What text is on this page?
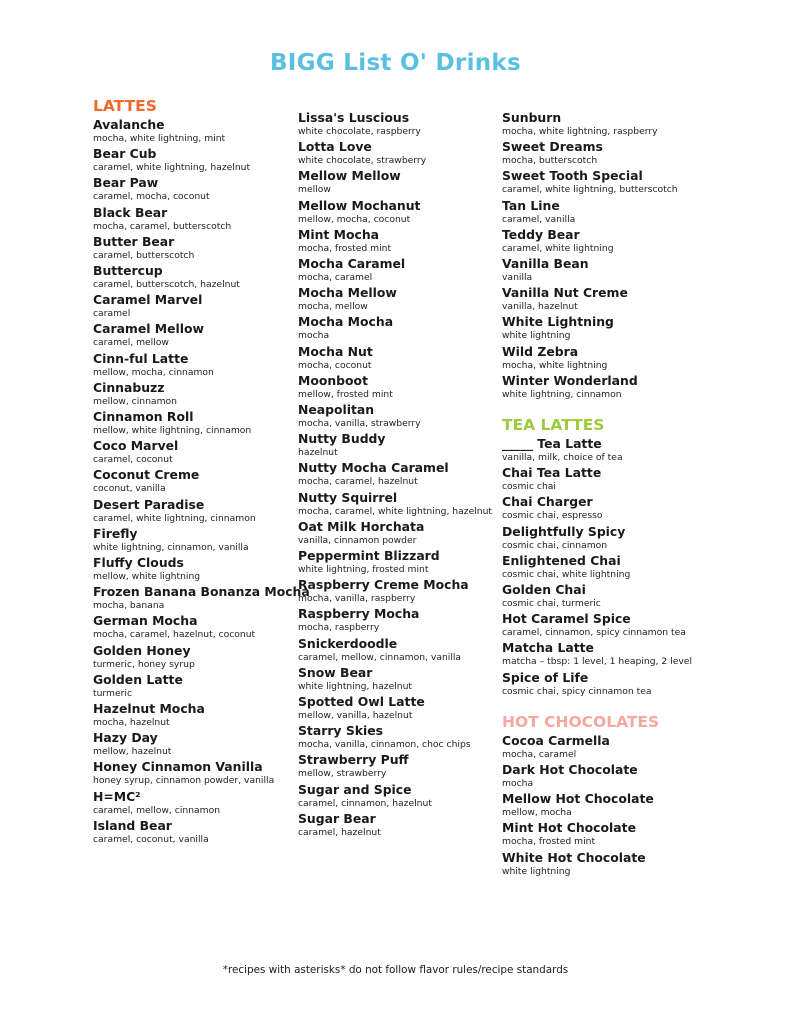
BIGG List O' Drinks
LATTES
Avalanche
mocha, white lightning, mint
Bear Cub
caramel, white lightning, hazelnut
Bear Paw
caramel, mocha, coconut
Black Bear
mocha, caramel, butterscotch
Butter Bear
caramel, butterscotch
Buttercup
caramel, butterscotch, hazelnut
Caramel Marvel
caramel
Caramel Mellow
caramel, mellow
Cinn-ful Latte
mellow, mocha, cinnamon
Cinnabuzz
mellow, cinnamon
Cinnamon Roll
mellow, white lightning, cinnamon
Coco Marvel
caramel, coconut
Coconut Creme
coconut, vanilla
Desert Paradise
caramel, white lightning, cinnamon
Firefly
white lightning, cinnamon, vanilla
Fluffy Clouds
mellow, white lightning
Frozen Banana Bonanza Mocha
mocha, banana
German Mocha
mocha, caramel, hazelnut, coconut
Golden Honey
turmeric, honey syrup
Golden Latte
turmeric
Hazelnut Mocha
mocha, hazelnut
Hazy Day
mellow, hazelnut
Honey Cinnamon Vanilla
honey syrup, cinnamon powder, vanilla
H=MC²
caramel, mellow, cinnamon
Island Bear
caramel, coconut, vanilla
Lissa's Luscious
white chocolate, raspberry
Lotta Love
white chocolate, strawberry
Mellow Mellow
mellow
Mellow Mochanut
mellow, mocha, coconut
Mint Mocha
mocha, frosted mint
Mocha Caramel
mocha, caramel
Mocha Mellow
mocha, mellow
Mocha Mocha
mocha
Mocha Nut
mocha, coconut
Moonboot
mellow, frosted mint
Neapolitan
mocha, vanilla, strawberry
Nutty Buddy
hazelnut
Nutty Mocha Caramel
mocha, caramel, hazelnut
Nutty Squirrel
mocha, caramel, white lightning, hazelnut
Oat Milk Horchata
vanilla, cinnamon powder
Peppermint Blizzard
white lightning, frosted mint
Raspberry Creme Mocha
mocha, vanilla, raspberry
Raspberry Mocha
mocha, raspberry
Snickerdoodle
caramel, mellow, cinnamon, vanilla
Snow Bear
white lightning, hazelnut
Spotted Owl Latte
mellow, vanilla, hazelnut
Starry Skies
mocha, vanilla, cinnamon, choc chips
Strawberry Puff
mellow, strawberry
Sugar and Spice
caramel, cinnamon, hazelnut
Sugar Bear
caramel, hazelnut
Sunburn
mocha, white lightning, raspberry
Sweet Dreams
mocha, butterscotch
Sweet Tooth Special
caramel, white lightning, butterscotch
Tan Line
caramel, vanilla
Teddy Bear
caramel, white lightning
Vanilla Bean
vanilla
Vanilla Nut Creme
vanilla, hazelnut
White Lightning
white lightning
Wild Zebra
mocha, white lightning
Winter Wonderland
white lightning, cinnamon
TEA LATTES
_____ Tea Latte
vanilla, milk, choice of tea
Chai Tea Latte
cosmic chai
Chai Charger
cosmic chai, espresso
Delightfully Spicy
cosmic chai, cinnamon
Enlightened Chai
cosmic chai, white lightning
Golden Chai
cosmic chai, turmeric
Hot Caramel Spice
caramel, cinnamon, spicy cinnamon tea
Matcha Latte
matcha – tbsp: 1 level, 1 heaping, 2 level
Spice of Life
cosmic chai, spicy cinnamon tea
HOT CHOCOLATES
Cocoa Carmella
mocha, caramel
Dark Hot Chocolate
mocha
Mellow Hot Chocolate
mellow, mocha
Mint Hot Chocolate
mocha, frosted mint
White Hot Chocolate
white lightning
*recipes with asterisks* do not follow flavor rules/recipe standards
